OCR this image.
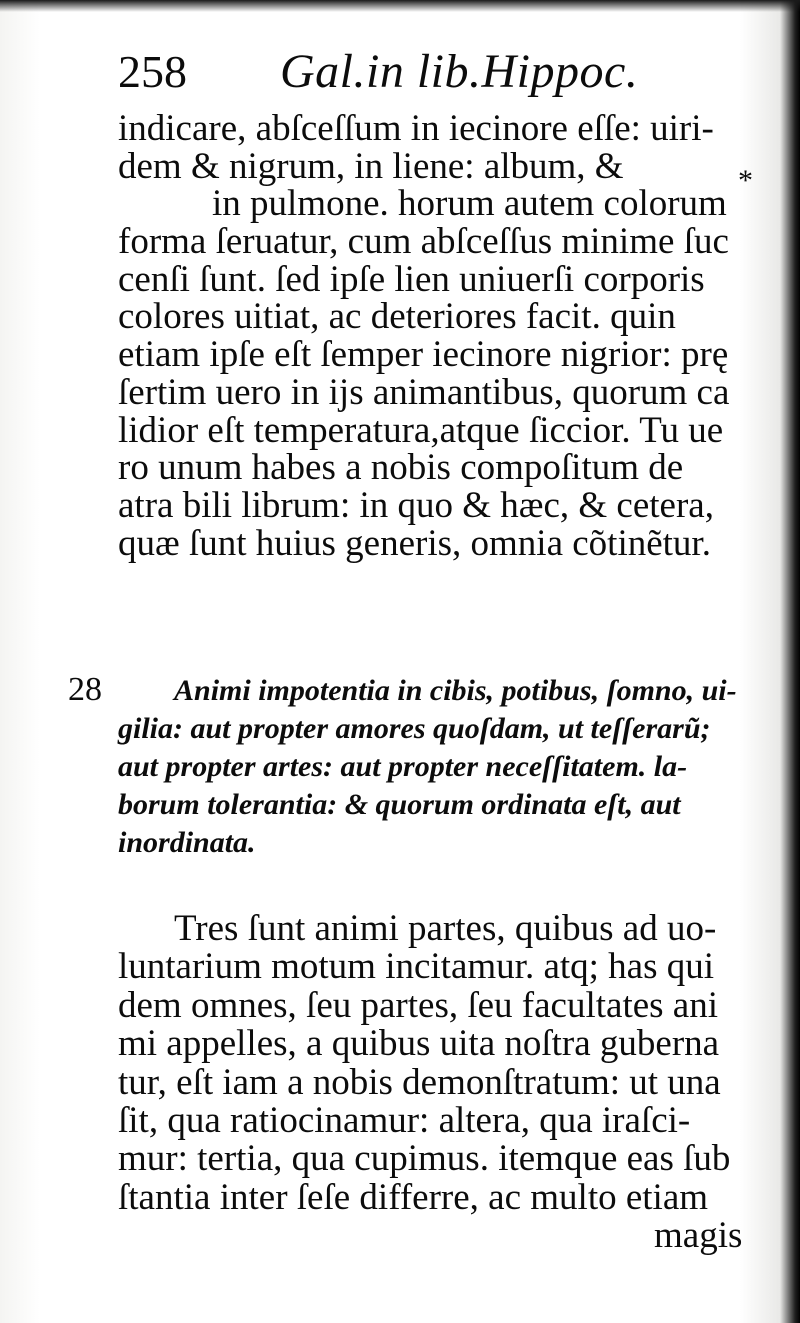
258 Gal.in lib.Hippoc.
indicare, abſceſſum in iecinore eſſe: uiri-
dem & nigrum, in liene: album, &
in pulmone. horum autem colorum
forma ſeruatur, cum abſceſſus minime ſuc
cenſi ſunt. ſed ipſe lien uniuerſi corporis
colores uitiat, ac deteriores facit. quin
etiam ipſe eſt ſemper iecinore nigrior: prę
ſertim uero in ijs animantibus, quorum ca
lidior eſt temperatura,atque ſiccior. Tu ue
ro unum habes a nobis compoſitum de
atra bili librum: in quo & hæc, & cetera,
quæ ſunt huius generis, omnia cõtinẽtur.
*
28	Animi impotentia in cibis, potibus, ſomno, ui-
gilia: aut propter amores quoſdam, ut teſſerarũ;
aut propter artes: aut propter neceſſitatem. la-
borum tolerantia: & quorum ordinata eſt, aut
inordinata.
Tres ſunt animi partes, quibus ad uo-
luntarium motum incitamur. atq; has qui
dem omnes, ſeu partes, ſeu facultates ani
mi appelles, a quibus uita noſtra guberna
tur, eſt iam a nobis demonſtratum: ut una
ſit, qua ratiocinamur: altera, qua iraſci-
mur: tertia, qua cupimus. itemque eas ſub
ſtantia inter ſeſe differre, ac multo etiam
magis
